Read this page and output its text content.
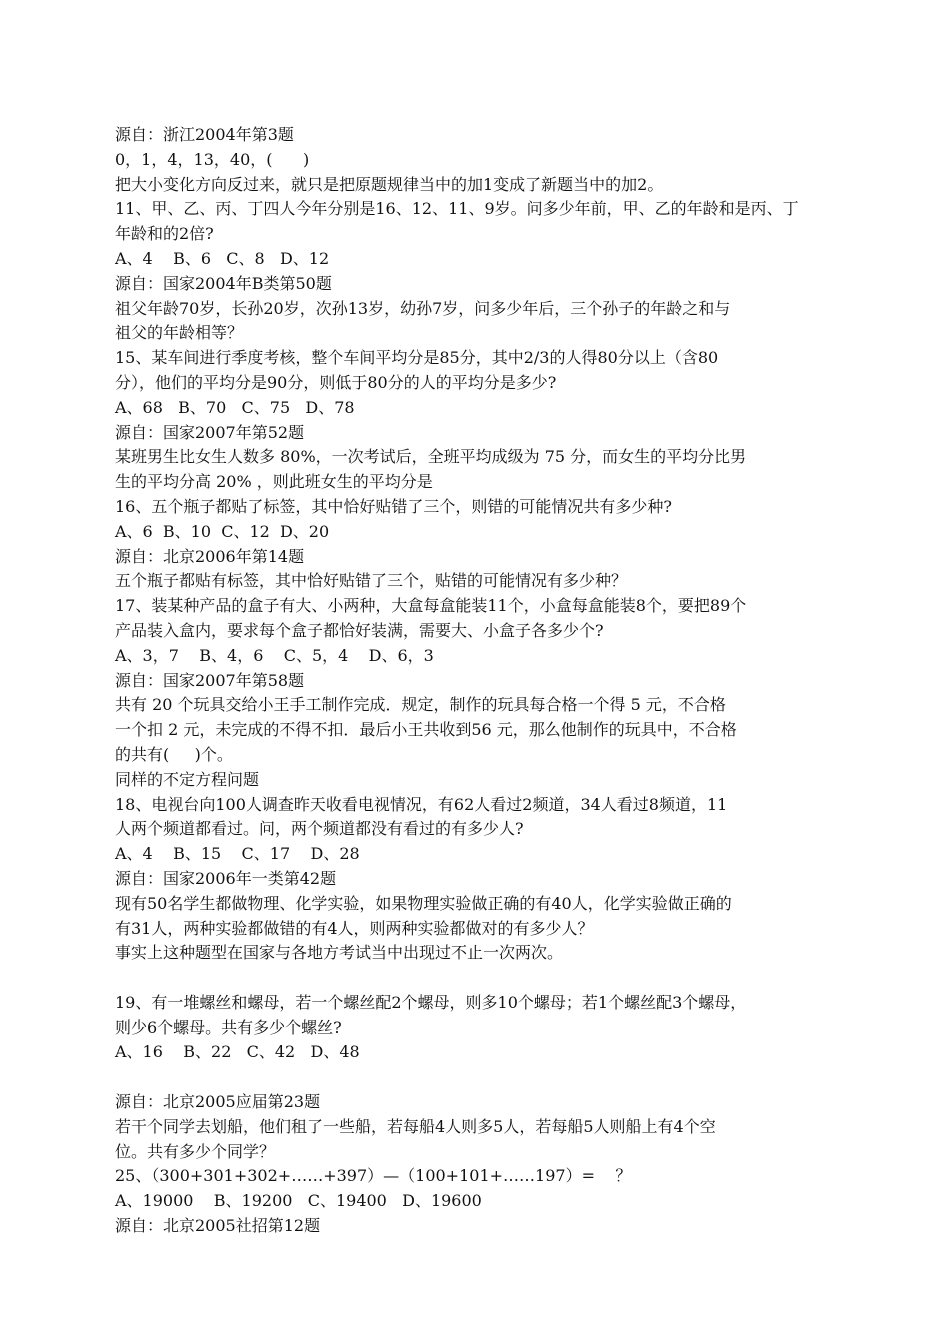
源自：浙江2004年第3题
0，1，4，13，40，(      )
把大小变化方向反过来，就只是把原题规律当中的加1变成了新题当中的加2。
11、甲、乙、丙、丁四人今年分别是16、12、11、9岁。问多少年前，甲、乙的年龄和是丙、丁
年龄和的2倍?
A、4    B、6   C、8   D、12
源自：国家2004年B类第50题
祖父年龄70岁，长孙20岁，次孙13岁，幼孙7岁，问多少年后，三个孙子的年龄之和与
祖父的年龄相等？
15、某车间进行季度考核，整个车间平均分是85分，其中2/3的人得80分以上（含80
分），他们的平均分是90分，则低于80分的人的平均分是多少?
A、68   B、70   C、75   D、78
源自：国家2007年第52题
某班男生比女生人数多 80%，一次考试后，全班平均成级为 75 分，而女生的平均分比男
生的平均分高 20% ，则此班女生的平均分是
16、五个瓶子都贴了标签，其中恰好贴错了三个，则错的可能情况共有多少种?
A、6  B、10  C、12  D、20
源自：北京2006年第14题
五个瓶子都贴有标签，其中恰好贴错了三个，贴错的可能情况有多少种？
17、装某种产品的盒子有大、小两种，大盒每盒能装11个，小盒每盒能装8个，要把89个
产品装入盒内，要求每个盒子都恰好装满，需要大、小盒子各多少个?
A、3，7    B、4，6    C、5，4    D、6，3
源自：国家2007年第58题
共有 20 个玩具交给小王手工制作完成．规定，制作的玩具每合格一个得 5 元，不合格
一个扣 2 元，未完成的不得不扣．最后小王共收到56 元，那么他制作的玩具中，不合格
的共有(     )个。
同样的不定方程问题
18、电视台向100人调查昨天收看电视情况，有62人看过2频道，34人看过8频道，11
人两个频道都看过。问，两个频道都没有看过的有多少人?
A、4    B、15    C、17    D、28
源自：国家2006年一类第42题
现有50名学生都做物理、化学实验，如果物理实验做正确的有40人，化学实验做正确的
有31人，两种实验都做错的有4人，则两种实验都做对的有多少人？
事实上这种题型在国家与各地方考试当中出现过不止一次两次。
19、有一堆螺丝和螺母，若一个螺丝配2个螺母，则多10个螺母；若1个螺丝配3个螺母，
则少6个螺母。共有多少个螺丝?
A、16    B、22   C、42   D、48
源自：北京2005应届第23题
若干个同学去划船，他们租了一些船，若每船4人则多5人，若每船5人则船上有4个空
位。共有多少个同学？
25、（300+301+302+……+397）—（100+101+……197）=    ？
A、19000    B、19200   C、19400   D、19600
源自：北京2005社招第12题
